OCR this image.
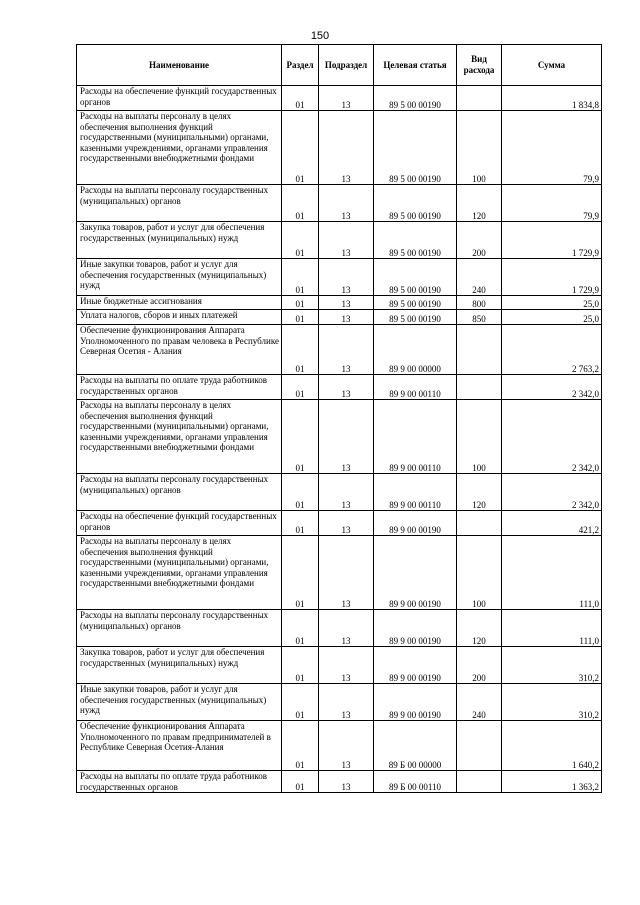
150
Наименование	Раздел	Подраздел	Целевая статья	Вид расхода	Сумма
Расходы на обеспечение функций государственных органов	01	13	89 5 00 00190		1 834,8
Расходы на выплаты персоналу в целях обеспечения выполнения функций государственными (муниципальными) органами, казенными учреждениями, органами управления государственными внебюджетными фондами	01	13	89 5 00 00190	100	79,9
Расходы на выплаты персоналу государственных (муниципальных) органов	01	13	89 5 00 00190	120	79,9
Закупка товаров, работ и услуг для обеспечения государственных (муниципальных) нужд	01	13	89 5 00 00190	200	1 729,9
Иные закупки товаров, работ и услуг для обеспечения государственных (муниципальных) нужд	01	13	89 5 00 00190	240	1 729,9
Иные бюджетные ассигнования	01	13	89 5 00 00190	800	25,0
Уплата налогов, сборов и иных платежей	01	13	89 5 00 00190	850	25,0
Обеспечение функционирования Аппарата Уполномоченного по правам человека в Республике Северная Осетия - Алания	01	13	89 9 00 00000		2 763,2
Расходы на выплаты по оплате труда работников государственных органов	01	13	89 9 00 00110		2 342,0
Расходы на выплаты персоналу в целях обеспечения выполнения функций государственными (муниципальными) органами, казенными учреждениями, органами управления государственными внебюджетными фондами	01	13	89 9 00 00110	100	2 342,0
Расходы на выплаты персоналу государственных (муниципальных) органов	01	13	89 9 00 00110	120	2 342,0
Расходы на обеспечение функций государственных органов	01	13	89 9 00 00190		421,2
Расходы на выплаты персоналу в целях обеспечения выполнения функций государственными (муниципальными) органами, казенными учреждениями, органами управления государственными внебюджетными фондами	01	13	89 9 00 00190	100	111,0
Расходы на выплаты персоналу государственных (муниципальных) органов	01	13	89 9 00 00190	120	111,0
Закупка товаров, работ и услуг для обеспечения государственных (муниципальных) нужд	01	13	89 9 00 00190	200	310,2
Иные закупки товаров, работ и услуг для обеспечения государственных (муниципальных) нужд	01	13	89 9 00 00190	240	310,2
Обеспечение функционирования Аппарата Уполномоченного по правам предпринимателей в Республике Северная Осетия-Алания	01	13	89 Б 00 00000		1 640,2
Расходы на выплаты по оплате труда работников государственных органов	01	13	89 Б 00 00110		1 363,2
